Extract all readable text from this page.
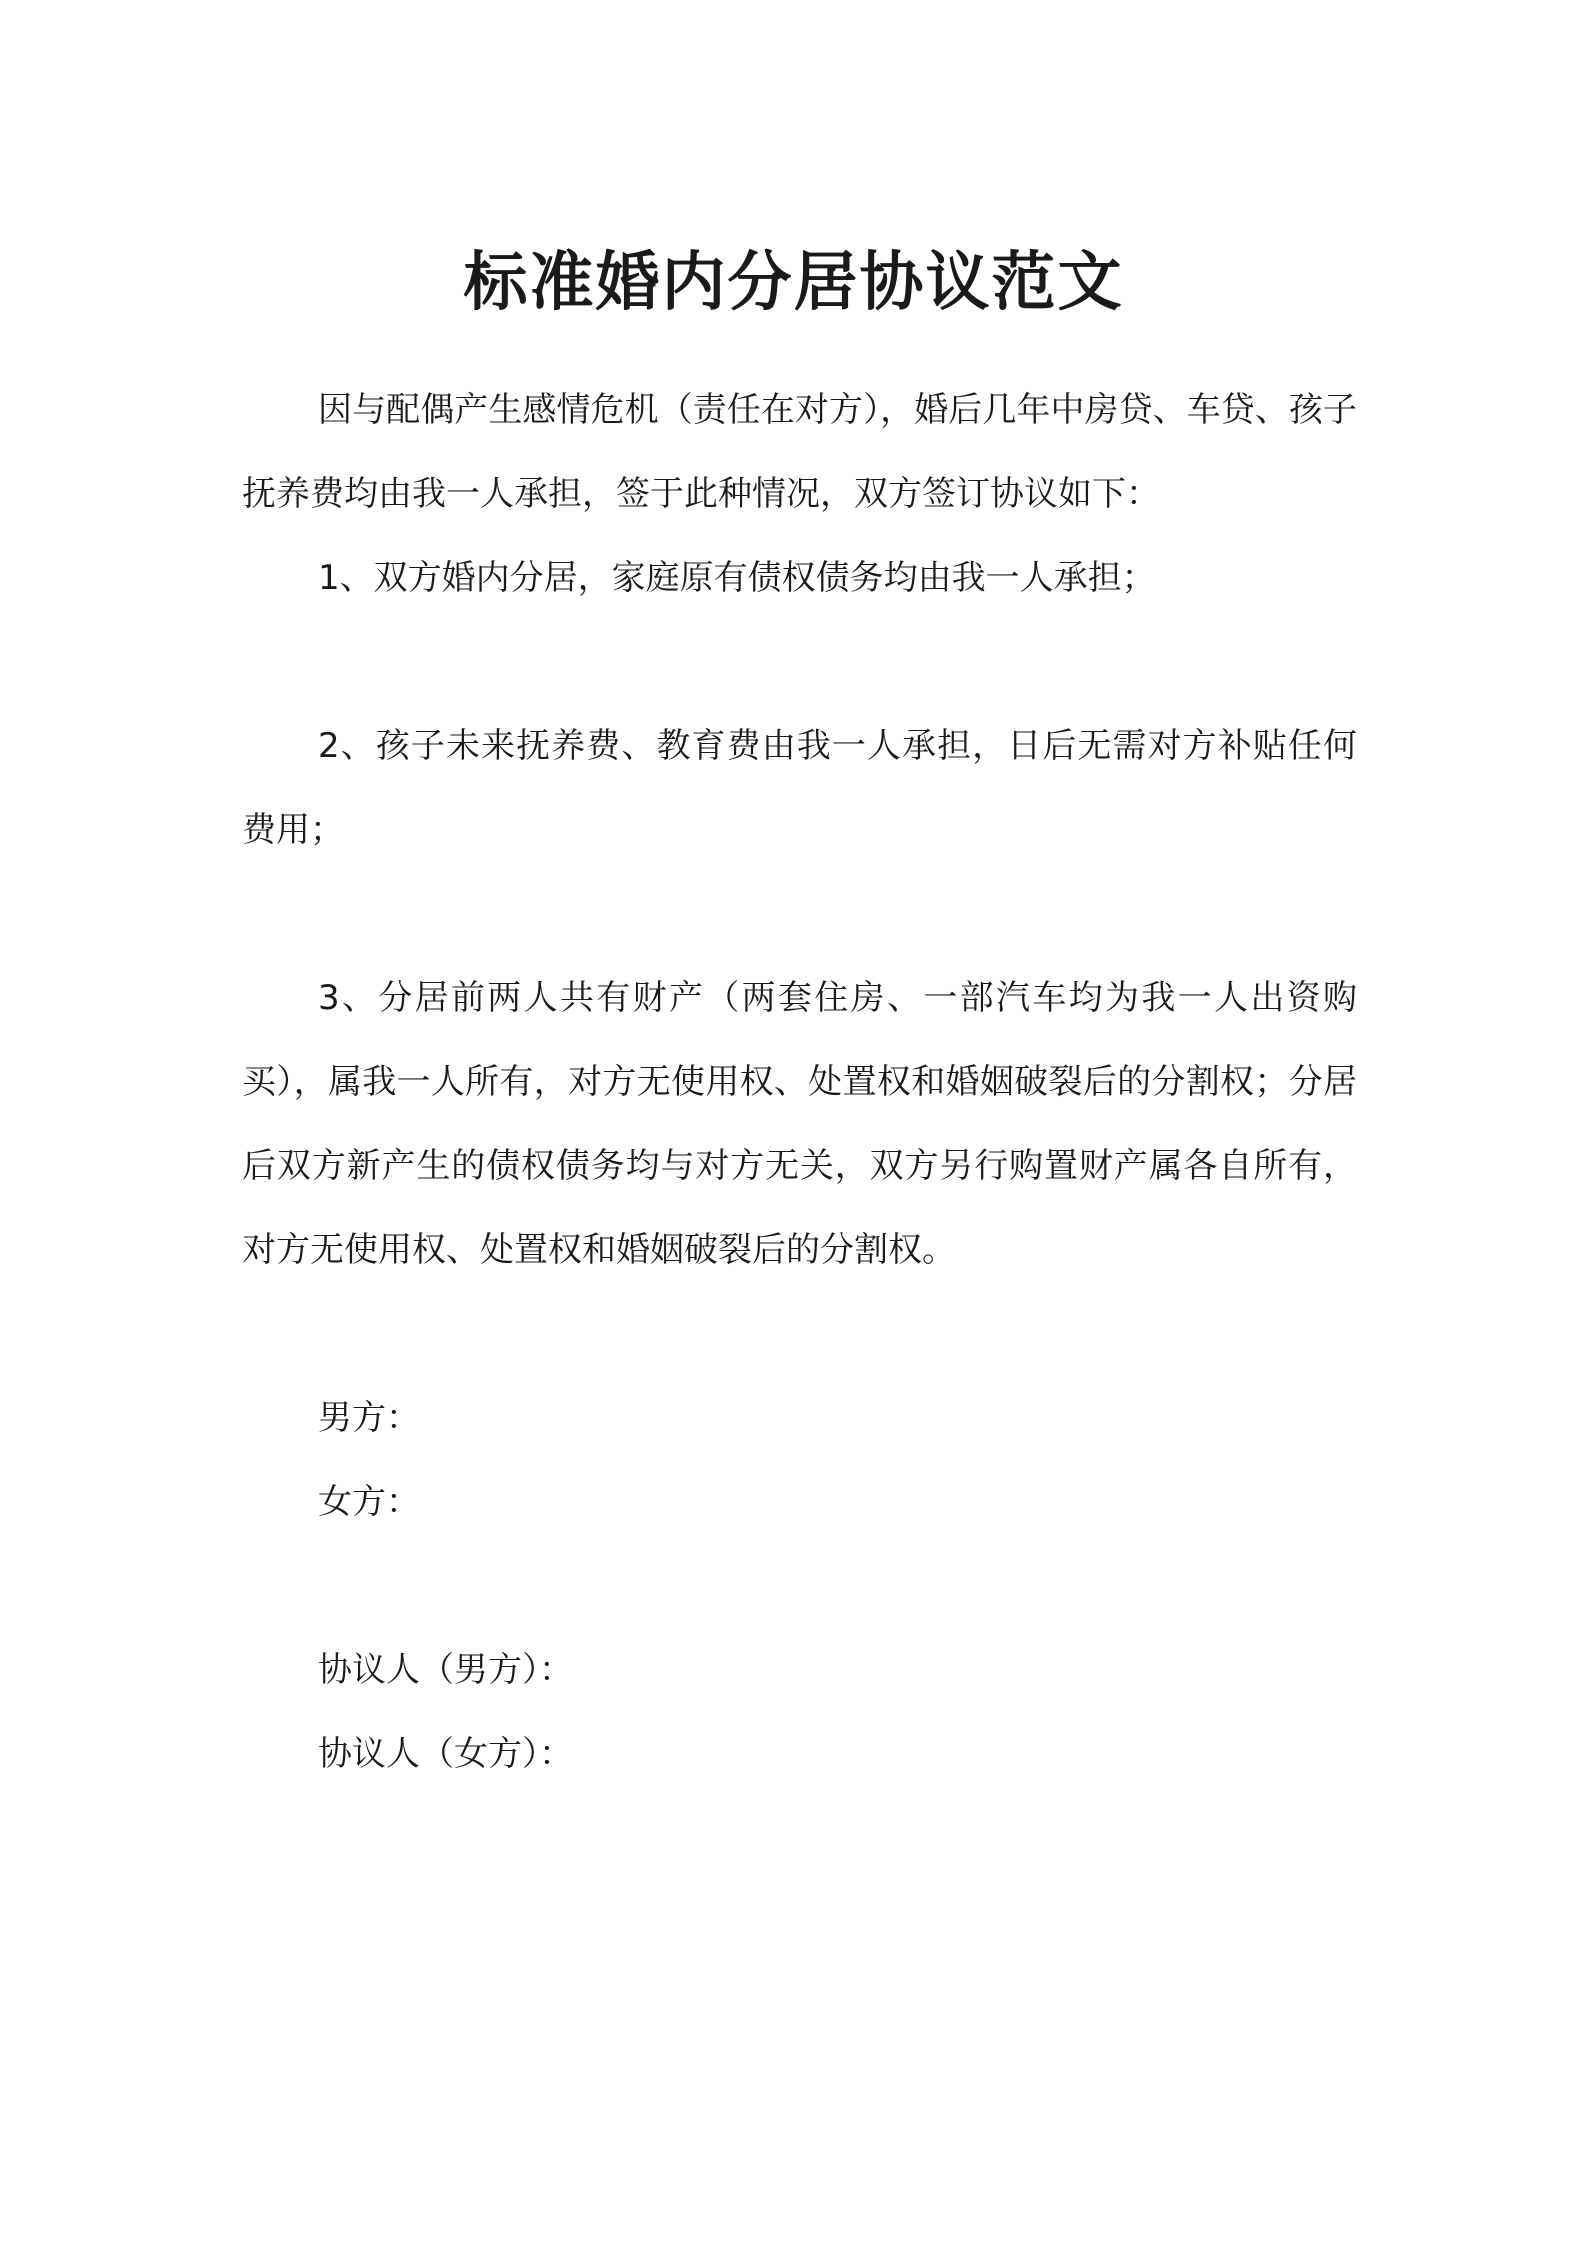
标准婚内分居协议范文

因与配偶产生感情危机（责任在对方），婚后几年中房贷、车贷、孩子抚养费均由我一人承担，签于此种情况，双方签订协议如下：

1、双方婚内分居，家庭原有债权债务均由我一人承担；

2、孩子未来抚养费、教育费由我一人承担，日后无需对方补贴任何费用；

3、分居前两人共有财产（两套住房、一部汽车均为我一人出资购买），属我一人所有，对方无使用权、处置权和婚姻破裂后的分割权；分居后双方新产生的债权债务均与对方无关，双方另行购置财产属各自所有，对方无使用权、处置权和婚姻破裂后的分割权。

男方：

女方：

协议人（男方）：

协议人（女方）：
